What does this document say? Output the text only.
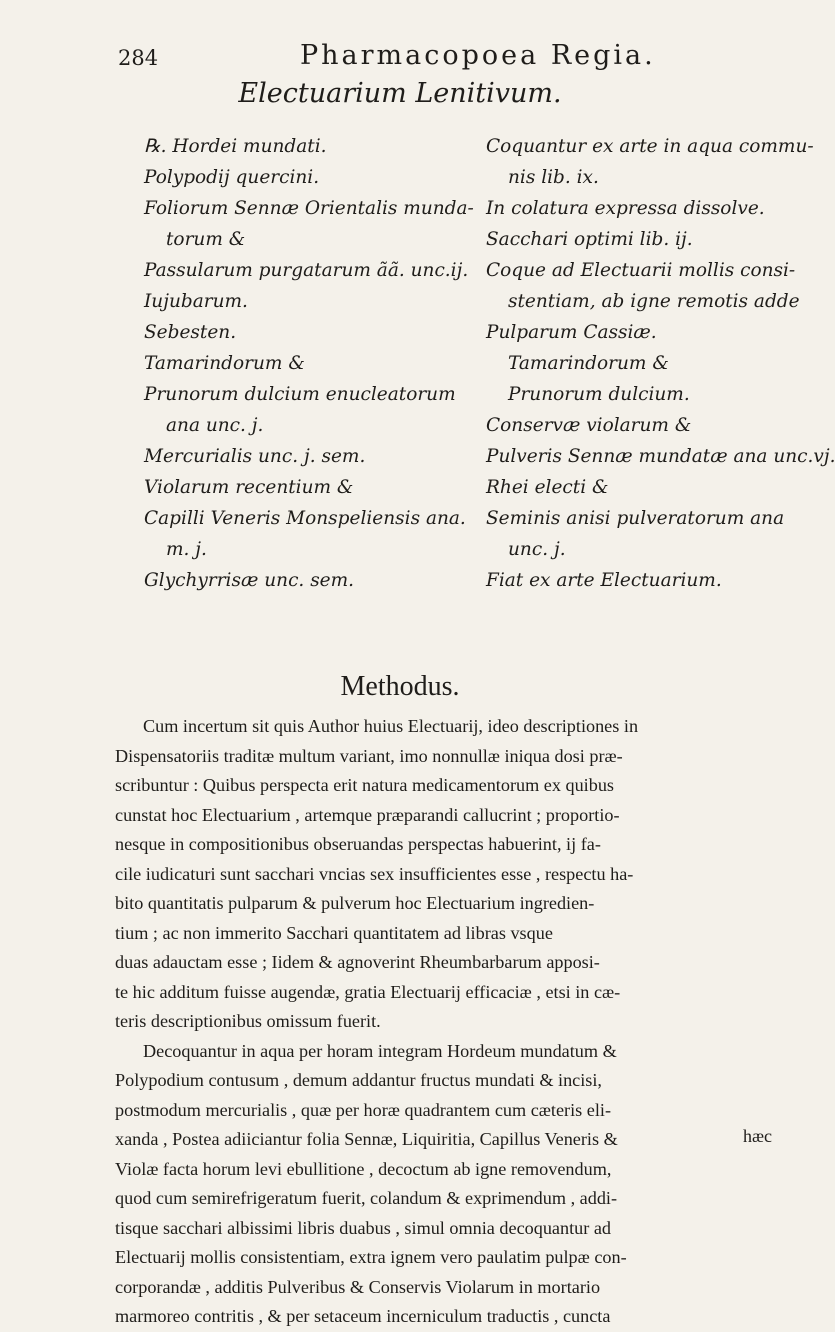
284	Pharmacopoea Regia.
Electuarium Lenitivum.
℞. Hordei mundati.
Polypodij quercini.
Foliorum Sennæ Orientalis munda-
torum &
Passularum purgatarum ãã. unc.ij.
Iujubarum.
Sebesten.
Tamarindorum &
Prunorum dulcium enucleatorum
ana unc. j.
Mercurialis unc. j. sem.
Violarum recentium &
Capilli Veneris Monspeliensis ana.
m. j.
Glychyrrisæ unc. sem.
Coquantur ex arte in aqua commu-
nis lib. ix.
In colatura expressa dissolve.
Sacchari optimi lib. ij.
Coque ad Electuarii mollis consi-
stentiam, ab igne remotis adde
Pulparum Cassiæ.
Tamarindorum &
Prunorum dulcium.
Conservæ violarum &
Pulveris Sennæ mundatæ ana unc.vj.
Rhei electi &
Seminis anisi pulveratorum ana
unc. j.
Fiat ex arte Electuarium.
Methodus.
Cum incertum sit quis Author huius Electuarij, ideo descriptiones in
Dispensatoriis traditæ multum variant, imo nonnullæ iniqua dosi præ-
scribuntur : Quibus perspecta erit natura medicamentorum ex quibus
cunstat hoc Electuarium , artemque præparandi callucrint ; proportio-
nesque in compositionibus obseruandas perspectas habuerint, ij fa-
cile iudicaturi sunt sacchari vncias sex insufficientes esse , respectu ha-
bito quantitatis pulparum & pulverum hoc Electuarium ingredien-
tium ; ac non immerito Sacchari quantitatem ad libras vsque
duas adauctam esse ; Iidem & agnoverint Rheumbarbarum apposi-
te hic additum fuisse augendæ, gratia Electuarij efficaciæ , etsi in cæ-
teris descriptionibus omissum fuerit.
Decoquantur in aqua per horam integram Hordeum mundatum &
Polypodium contusum , demum addantur fructus mundati & incisi,
postmodum mercurialis , quæ per horæ quadrantem cum cæteris eli-
xanda , Postea adiiciantur folia Sennæ, Liquiritia, Capillus Veneris &
Violæ facta horum levi ebullitione , decoctum ab igne removendum,
quod cum semirefrigeratum fuerit, colandum & exprimendum , addi-
tisque sacchari albissimi libris duabus , simul omnia decoquantur ad
Electuarij mollis consistentiam, extra ignem vero paulatim pulpæ con-
corporandæ , additis Pulveribus & Conservis Violarum in mortario
marmoreo contritis , & per setaceum incerniculum traductis , cuncta
hæc
